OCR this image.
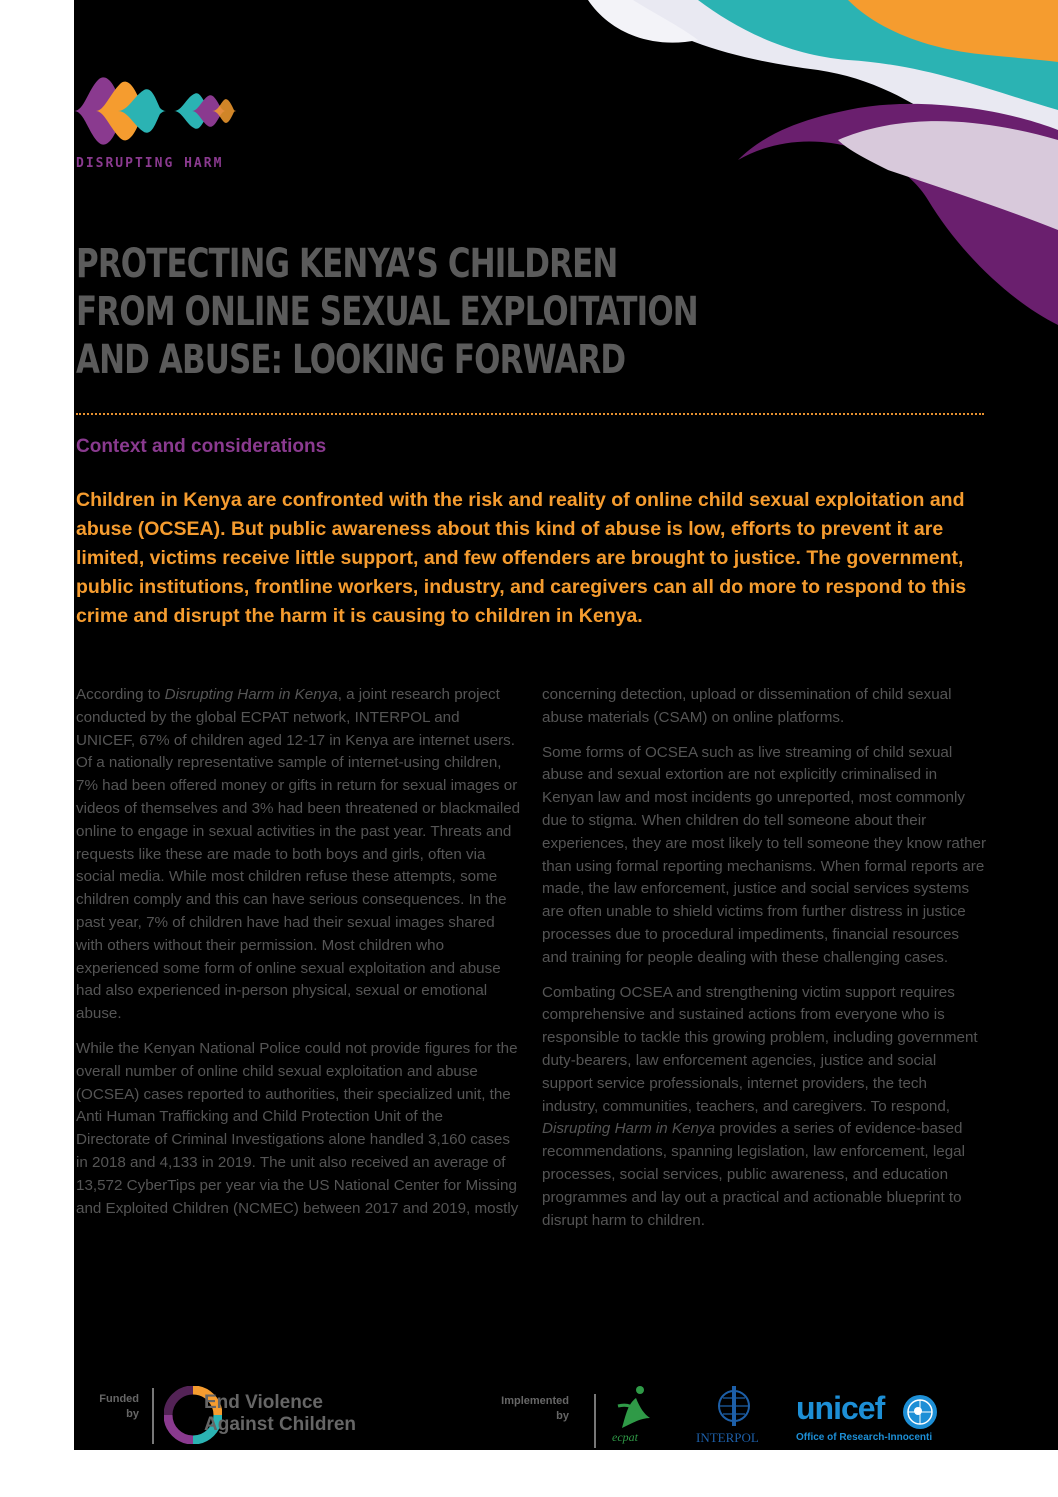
DISRUPTING HARM
PROTECTING KENYA’S CHILDREN
FROM ONLINE SEXUAL EXPLOITATION
AND ABUSE: LOOKING FORWARD
Context and considerations
Children in Kenya are confronted with the risk and reality of online child sexual exploitation and abuse (OCSEA). But public awareness about this kind of abuse is low, efforts to prevent it are limited, victims receive little support, and few offenders are brought to justice. The government, public institutions, frontline workers, industry, and caregivers can all do more to respond to this crime and disrupt the harm it is causing to children in Kenya.

According to Disrupting Harm in Kenya, a joint research project conducted by the global ECPAT network, INTERPOL and UNICEF, 67% of children aged 12-17 in Kenya are internet users. Of a nationally representative sample of internet-using children, 7% had been offered money or gifts in return for sexual images or videos of themselves and 3% had been threatened or blackmailed online to engage in sexual activities in the past year. Threats and requests like these are made to both boys and girls, often via social media. While most children refuse these attempts, some children comply and this can have serious consequences. In the past year, 7% of children have had their sexual images shared with others without their permission. Most children who experienced some form of online sexual exploitation and abuse had also experienced in-person physical, sexual or emotional abuse.

While the Kenyan National Police could not provide figures for the overall number of online child sexual exploitation and abuse (OCSEA) cases reported to authorities, their specialized unit, the Anti Human Trafficking and Child Protection Unit of the Directorate of Criminal Investigations alone handled 3,160 cases in 2018 and 4,133 in 2019. The unit also received an average of 13,572 CyberTips per year via the US National Center for Missing and Exploited Children (NCMEC) between 2017 and 2019, mostly

concerning detection, upload or dissemination of child sexual abuse materials (CSAM) on online platforms.

Some forms of OCSEA such as live streaming of child sexual abuse and sexual extortion are not explicitly criminalised in Kenyan law and most incidents go unreported, most commonly due to stigma. When children do tell someone about their experiences, they are most likely to tell someone they know rather than using formal reporting mechanisms. When formal reports are made, the law enforcement, justice and social services systems are often unable to shield victims from further distress in justice processes due to procedural impediments, financial resources and training for people dealing with these challenging cases.

Combating OCSEA and strengthening victim support requires comprehensive and sustained actions from everyone who is responsible to tackle this growing problem, including government duty-bearers, law enforcement agencies, justice and social support service professionals, internet providers, the tech industry, communities, teachers, and caregivers. To respond, Disrupting Harm in Kenya provides a series of evidence-based recommendations, spanning legislation, law enforcement, legal processes, social services, public awareness, and education programmes and lay out a practical and actionable blueprint to disrupt harm to children.

Funded
by
End Violence
Against Children
Implemented
by
ecpat	INTERPOL
unicef
Office of Research-Innocenti
